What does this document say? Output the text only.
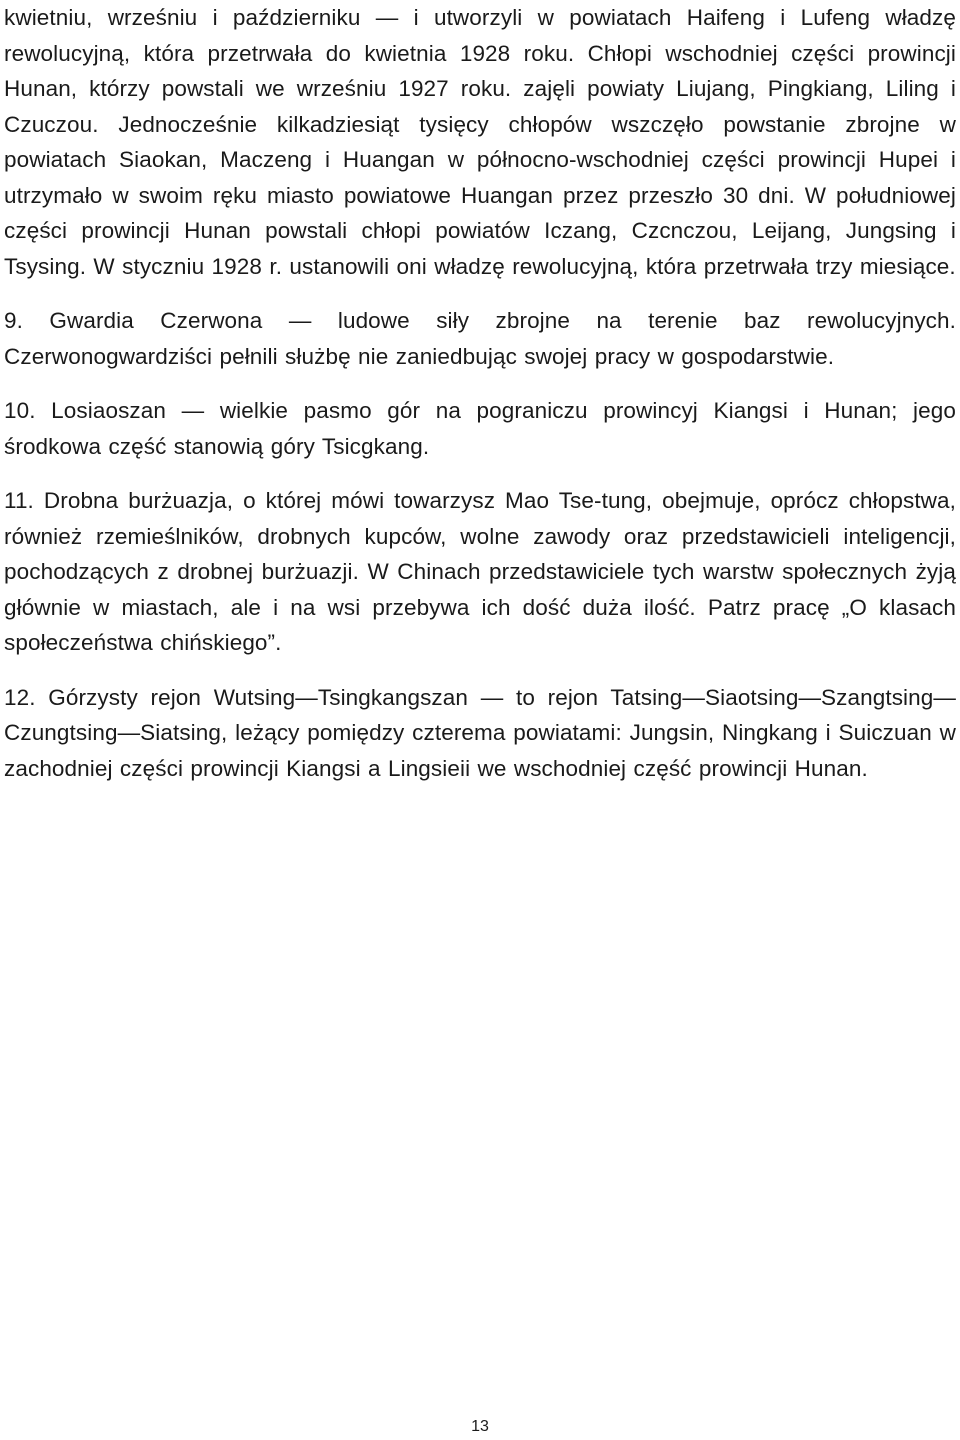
kwietniu, wrześniu i październiku — i utworzyli w powiatach Haifeng i Lufeng władzę rewolucyjną, która przetrwała do kwietnia 1928 roku. Chłopi wschodniej części prowincji Hunan, którzy powstali we wrześniu 1927 roku. zajęli powiaty Liujang, Pingkiang, Liling i Czuczou. Jednocześnie kilkadziesiąt tysięcy chłopów wszczęło powstanie zbrojne w powiatach Siaokan, Maczeng i Huangan w północno-wschodniej części prowincji Hupei i utrzymało w swoim ręku miasto powiatowe Huangan przez przeszło 30 dni. W południowej części prowincji Hunan powstali chłopi powiatów Iczang, Czcnczou, Leijang, Jungsing i Tsysing. W styczniu 1928 r. ustanowili oni władzę rewolucyjną, która przetrwała trzy miesiące.

9. Gwardia Czerwona — ludowe siły zbrojne na terenie baz rewolucyjnych. Czerwonogwardziści pełnili służbę nie zaniedbując swojej pracy w gospodarstwie.

10. Losiaoszan — wielkie pasmo gór na pograniczu prowincyj Kiangsi i Hunan; jego środkowa część stanowią góry Tsicgkang.

11. Drobna burżuazja, o której mówi towarzysz Mao Tse-tung, obejmuje, oprócz chłopstwa, również rzemieślników, drobnych kupców, wolne zawody oraz przedstawicieli inteligencji, pochodzących z drobnej burżuazji. W Chinach przedstawiciele tych warstw społecznych żyją głównie w miastach, ale i na wsi przebywa ich dość duża ilość. Patrz pracę „O klasach społeczeństwa chińskiego”.

12. Górzysty rejon Wutsing—Tsingkangszan — to rejon Tatsing—Siaotsing—Szangtsing— Czungtsing—Siatsing, leżący pomiędzy czterema powiatami: Jungsin, Ningkang i Suiczuan w zachodniej części prowincji Kiangsi a Lingsieii we wschodniej część prowincji Hunan.

13
